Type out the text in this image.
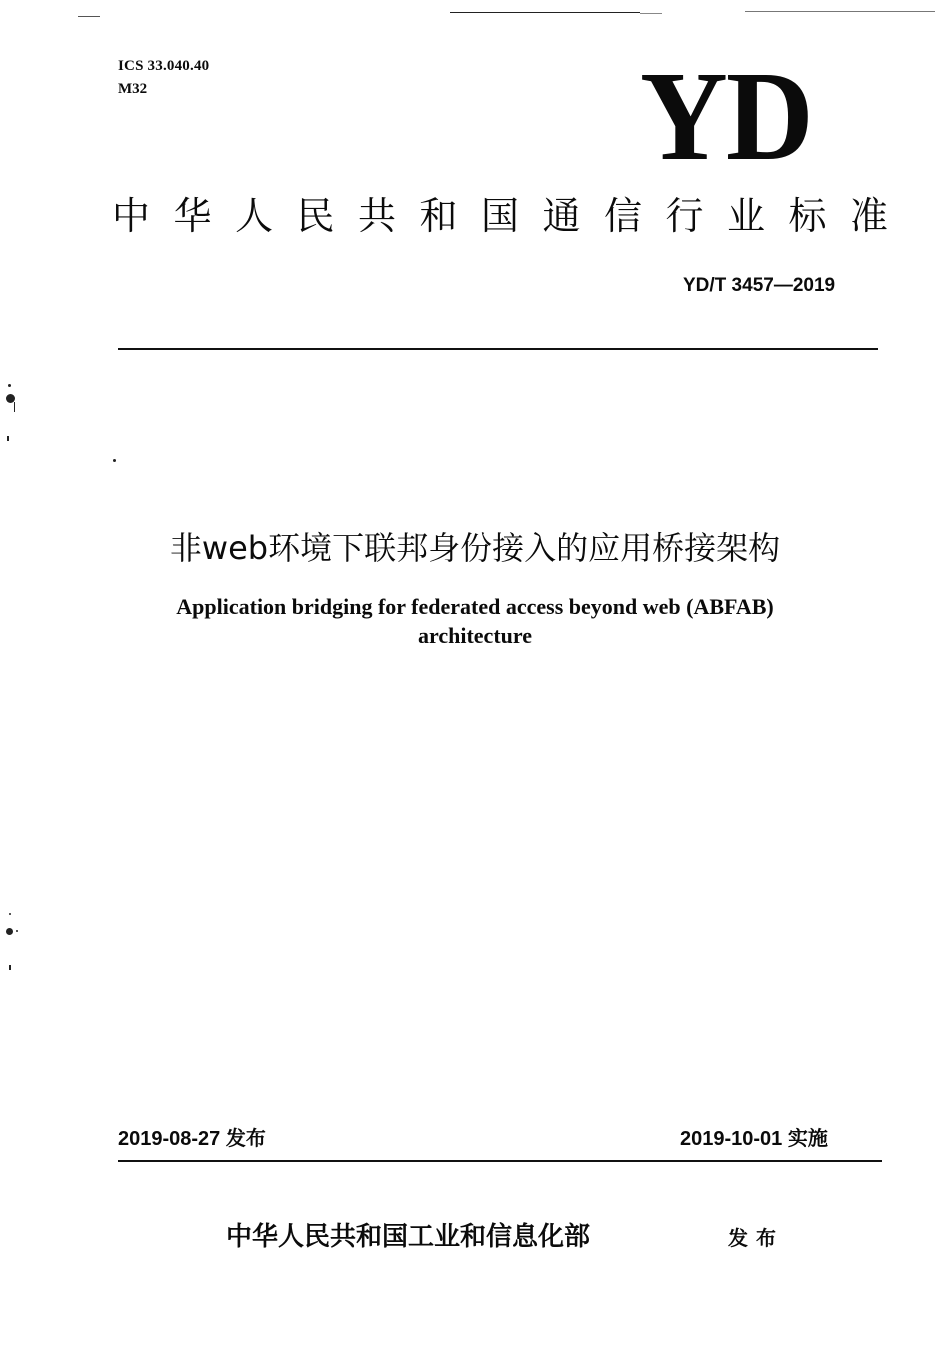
ICS 33.040.40
M32	YD
中华人民共和国通信行业标准
YD/T 3457—2019
非web环境下联邦身份接入的应用桥接架构
Application bridging for federated access beyond web (ABFAB)
architecture
2019-08-27 发布	2019-10-01 实施
中华人民共和国工业和信息化部	发布
